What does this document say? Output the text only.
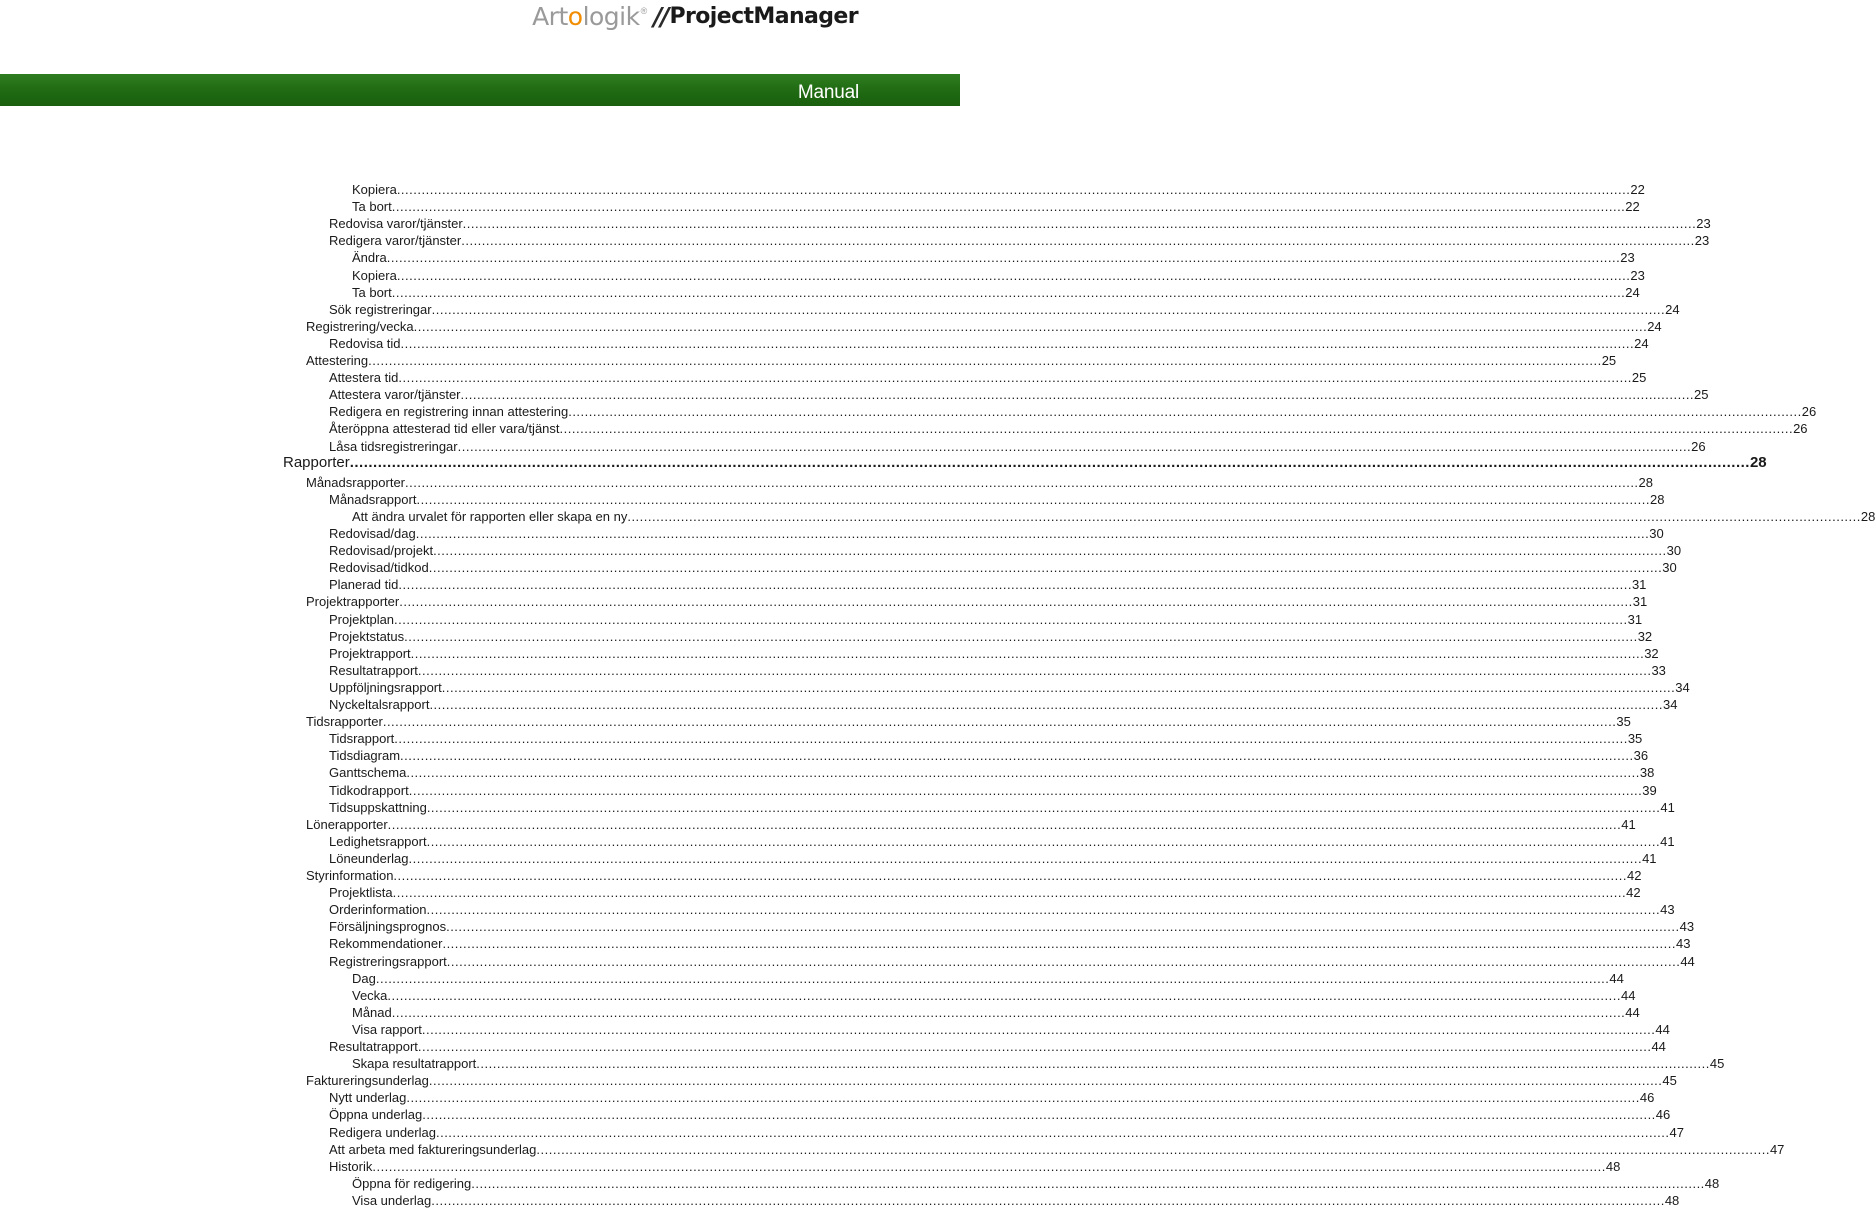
Artologik ® // ProjectManager
Manual
Kopiera ............................................................................................................................................................................................................................................................................................................ 22
Ta bort ............................................................................................................................................................................................................................................................................................................ 22
Redovisa varor/tjänster ............................................................................................................................................................................................................................................................................................................ 23
Redigera varor/tjänster ............................................................................................................................................................................................................................................................................................................ 23
Ändra ............................................................................................................................................................................................................................................................................................................ 23
Kopiera ............................................................................................................................................................................................................................................................................................................ 23
Ta bort ............................................................................................................................................................................................................................................................................................................ 24
Sök registreringar ............................................................................................................................................................................................................................................................................................................ 24
Registrering/vecka ............................................................................................................................................................................................................................................................................................................ 24
Redovisa tid ............................................................................................................................................................................................................................................................................................................ 24
Attestering ............................................................................................................................................................................................................................................................................................................ 25
Attestera tid ............................................................................................................................................................................................................................................................................................................ 25
Attestera varor/tjänster ............................................................................................................................................................................................................................................................................................................ 25
Redigera en registrering innan attestering ............................................................................................................................................................................................................................................................................................................ 26
Återöppna attesterad tid eller vara/tjänst ............................................................................................................................................................................................................................................................................................................ 26
Låsa tidsregistreringar ............................................................................................................................................................................................................................................................................................................ 26
Rapporter ............................................................................................................................................................................................................................................................................................................ 28
Månadsrapporter ............................................................................................................................................................................................................................................................................................................ 28
Månadsrapport ............................................................................................................................................................................................................................................................................................................ 28
Att ändra urvalet för rapporten eller skapa en ny ............................................................................................................................................................................................................................................................................................................ 28
Redovisad/dag ............................................................................................................................................................................................................................................................................................................ 30
Redovisad/projekt ............................................................................................................................................................................................................................................................................................................ 30
Redovisad/tidkod ............................................................................................................................................................................................................................................................................................................ 30
Planerad tid ............................................................................................................................................................................................................................................................................................................ 31
Projektrapporter ............................................................................................................................................................................................................................................................................................................ 31
Projektplan ............................................................................................................................................................................................................................................................................................................ 31
Projektstatus ............................................................................................................................................................................................................................................................................................................ 32
Projektrapport ............................................................................................................................................................................................................................................................................................................ 32
Resultatrapport ............................................................................................................................................................................................................................................................................................................ 33
Uppföljningsrapport ............................................................................................................................................................................................................................................................................................................ 34
Nyckeltalsrapport ............................................................................................................................................................................................................................................................................................................ 34
Tidsrapporter ............................................................................................................................................................................................................................................................................................................ 35
Tidsrapport ............................................................................................................................................................................................................................................................................................................ 35
Tidsdiagram ............................................................................................................................................................................................................................................................................................................ 36
Ganttschema ............................................................................................................................................................................................................................................................................................................ 38
Tidkodrapport ............................................................................................................................................................................................................................................................................................................ 39
Tidsuppskattning ............................................................................................................................................................................................................................................................................................................ 41
Lönerapporter ............................................................................................................................................................................................................................................................................................................ 41
Ledighetsrapport ............................................................................................................................................................................................................................................................................................................ 41
Löneunderlag ............................................................................................................................................................................................................................................................................................................ 41
Styrinformation ............................................................................................................................................................................................................................................................................................................ 42
Projektlista ............................................................................................................................................................................................................................................................................................................ 42
Orderinformation ............................................................................................................................................................................................................................................................................................................ 43
Försäljningsprognos ............................................................................................................................................................................................................................................................................................................ 43
Rekommendationer ............................................................................................................................................................................................................................................................................................................ 43
Registreringsrapport ............................................................................................................................................................................................................................................................................................................ 44
Dag ............................................................................................................................................................................................................................................................................................................ 44
Vecka ............................................................................................................................................................................................................................................................................................................ 44
Månad ............................................................................................................................................................................................................................................................................................................ 44
Visa rapport ............................................................................................................................................................................................................................................................................................................ 44
Resultatrapport ............................................................................................................................................................................................................................................................................................................ 44
Skapa resultatrapport ............................................................................................................................................................................................................................................................................................................ 45
Faktureringsunderlag ............................................................................................................................................................................................................................................................................................................ 45
Nytt underlag ............................................................................................................................................................................................................................................................................................................ 46
Öppna underlag ............................................................................................................................................................................................................................................................................................................ 46
Redigera underlag ............................................................................................................................................................................................................................................................................................................ 47
Att arbeta med faktureringsunderlag ............................................................................................................................................................................................................................................................................................................ 47
Historik ............................................................................................................................................................................................................................................................................................................ 48
Öppna för redigering ............................................................................................................................................................................................................................................................................................................ 48
Visa underlag ............................................................................................................................................................................................................................................................................................................ 48
